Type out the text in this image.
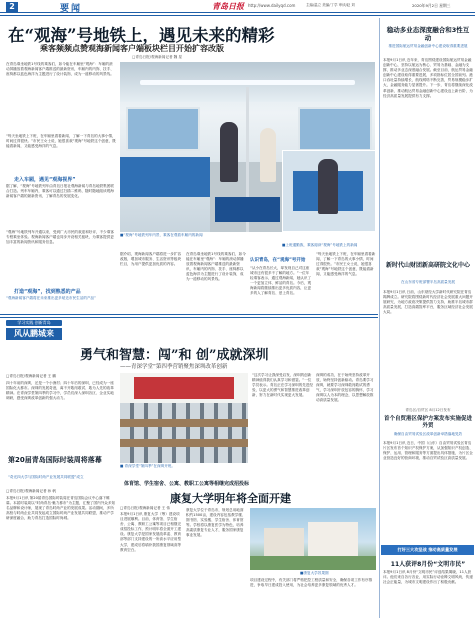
2	要闻	青岛日报 http://www.dailyqd.com	主编/温立 美编/丁学 审读/赵 刘	2020年9月2日 星期三
在“观海”号地铁上，遇见未来的精彩
乘客频频点赞观海新闻客户端板块栏目开始扩容改版
□青岛日报/观海新闻记者 魏 星
■“观海”号地铁列车内景，乘客在观看车厢内的新闻
■上班通勤族，乘客阅读“观海”号地铁上的新闻
在青岛乘坐地铁1号线的乘客们，如今能在车厢里“观海”：车厢的滚动屏播放着观海新闻客户端推送的最新资讯，车厢内的内饰、扶手、座椅都以蓝色海洋为主题进行了设计装饰，成为一道移动的风景线。
“每天坐地铁上下班，在车厢里看看新闻，了解一下青岛的大事小情，时间过得很快。”市民王女士说，她很喜欢“观海”号地铁这个创意，既能看新闻，又能感受海洋的气息。
走入车厢，遇见“观海视界”
据了解，“观海”号地铁列车由青岛日报社观海新闻与青岛地铁集团联合打造。列车车厢内，乘客可以通过扫描二维码，随时随地阅读观海新闻客户端的最新资讯，了解青岛的发展变化。
“观海”号地铁列车开通以来，受到广大市民的欢迎和好评，不少乘客专程乘坐体验。观海新闻客户端也同步开设相关板块，为乘客提供更加丰富的新闻资讯和服务信息。
打造“观海”，找到熟悉的产品
“观海新闻客户端将在未来推出更多贴近市民生活的产品”
据介绍，观海新闻客户端将进一步扩容改版，增加城市服务、生活资讯等板块栏目，为用户提供更加优质的内容。
在青岛乘坐地铁1号线的乘客们，如今能在车厢里“观海”：车厢的滚动屏播放着观海新闻客户端推送的最新资讯，车厢内的内饰、扶手、座椅都以蓝色海洋为主题进行了设计装饰，成为一道移动的风景线。
认识青岛，在“观海”号开始
“从小在青岛长大，却发现自己对这座城市还有很多不了解的地方。”一位年轻乘客表示，通过观海新闻，她认识了一个更加立体、鲜活的青岛。今后，观海新闻将继续推出更多优质内容，让更多的人了解青岛、爱上青岛。
“每天坐地铁上下班，在车厢里看看新闻，了解一下青岛的大事小情，时间过得很快。”市民王女士说，她很喜欢“观海”号地铁这个创意，既能看新闻，又能感受海洋的气息。
稳动多业态深度融合和3性互动
推进国际航运贸易金融创新中心建设取得重要进展
本报9月1日讯 近年来，青岛围绕建设国际航运贸易金融创新中心，坚持以航运为核心、贸易为基础、金融为支撑，推动多业态深度融合发展。截至目前，航运贸易金融创新中心建设取得重要进展，多项指标位居全国前列。港口吞吐量持续增长，航线网络不断完善，贸易规模稳步扩大，金融服务能力显著提升。下一步，青岛将继续深化改革创新，推动航运贸易金融创新中心建设迈上新台阶，为经济高质量发展提供有力支撑。
新时代山财团新高研院文化中心
在山东省专班部署半岛高质量发展
本报9月1日讯 日前，山东财经大学新时代研究院在青岛揭牌成立。研究院将围绕新时代经济社会发展重大问题开展研究，为地方政府决策提供智力支持，助推半岛城市群高质量发展，打造高端智库平台，服务区域经济社会发展大局。
青岛区/自贸区 8月12日发布
首个自贸港区保护方案发布实施促进外贸
确保自由贸易试验区改革创新举措落地见效
本报9月1日讯 近日，中国（山东）自由贸易试验区青岛片区发布首个知识产权保护方案，从加强知识产权创造、保护、运用、管理和服务等方面提出具体措施，为片区企业营造良好的营商环境，推动自贸试验区高质量发展。
打好三大攻坚战 推动高质量发展
11人获评8月份“文明市民”
本报9月1日讯 8月份“文明市民”评选结果揭晓，11人获评。他们来自各行各业，用实际行动诠释文明风尚，传递社会正能量，为城市文明建设作出了积极贡献。
学习实践 创新青岛
风从鹏城来
勇气和智慧：闯”和 创”成就深圳
——青深学堂“第四季营销聚焦深圳改革创新
□青岛日报/观海新闻记者 王 鹏
四十年前的深圳，还是一个小渔村；四十年后的深圳，已经成为一座国际化大都市。深圳的发展奇迹，离不开敢闯敢试、敢为人先的改革精神。在青深学堂第四季的学习中，学员们深入深圳各区、企业实地调研，感受深圳改革创新的强大动力。
■ 青深学堂“第四季”在深圳开班。
“这次学习让我深受启发，深圳的创新精神值得我们认真学习和借鉴。”一位学员表示。青岛正在学习深圳的先进经验，以更大的勇气和智慧推进改革创新，努力在新时代实现更大发展。
深圳的成功，在于始终坚持改革开放，始终坚持创新驱动。青岛要学习深圳，就要学习深圳敢闯敢试的勇气，学习深圳开放包容的胸怀，学习深圳以人为本的理念，以思想解放推动高质量发展。
第20届青岛国际时装周将落幕
“奇光四大学与国际时尚产业发展共同联盟”成立
□青岛日报/观海新闻记者 孙 帆
本报9月1日讯 第20届青岛国际时装周在青岛国际会议中心落下帷幕。本届时装周以“时尚青岛·魅力都市”为主题，汇聚了国内外众多知名品牌和设计师，展现了青岛时尚产业的发展成果。活动期间，多所高校与时尚企业共同发起成立国际时尚产业发展共同联盟，推动产学研深度融合，助力青岛打造国际时尚城。
体育馆、学生宿舍、公寓、教职工公寓等相继完成招投标
康复大学明年将全面开建
□青岛日报/观海新闻记者 王 伟
本报9月1日讯 康复大学（筹）建设项目进展顺利。目前，体育馆、学生宿舍、公寓、教职工公寓等项目已相继完成招投标工作，预计明年将全面开工建设。康复大学是国家发展改革委、教育部等部门支持建设的一所高水平应用型大学，建成后将填补我国康复领域高等教育空白。
康复大学位于青岛市，规划总用地面积约1500亩，建设内容包括教学楼、图书馆、实验楼、学生宿舍、体育馆等。学校将以康复医学为特色，培养高素质康复专业人才，服务国家康复事业发展。
■康复大学效果图
项目建设过程中，有关部门将严格把控工程质量和安全，确保各项工作有序推进，争取早日建成投入使用，为社会培养更多康复领域的优秀人才。
